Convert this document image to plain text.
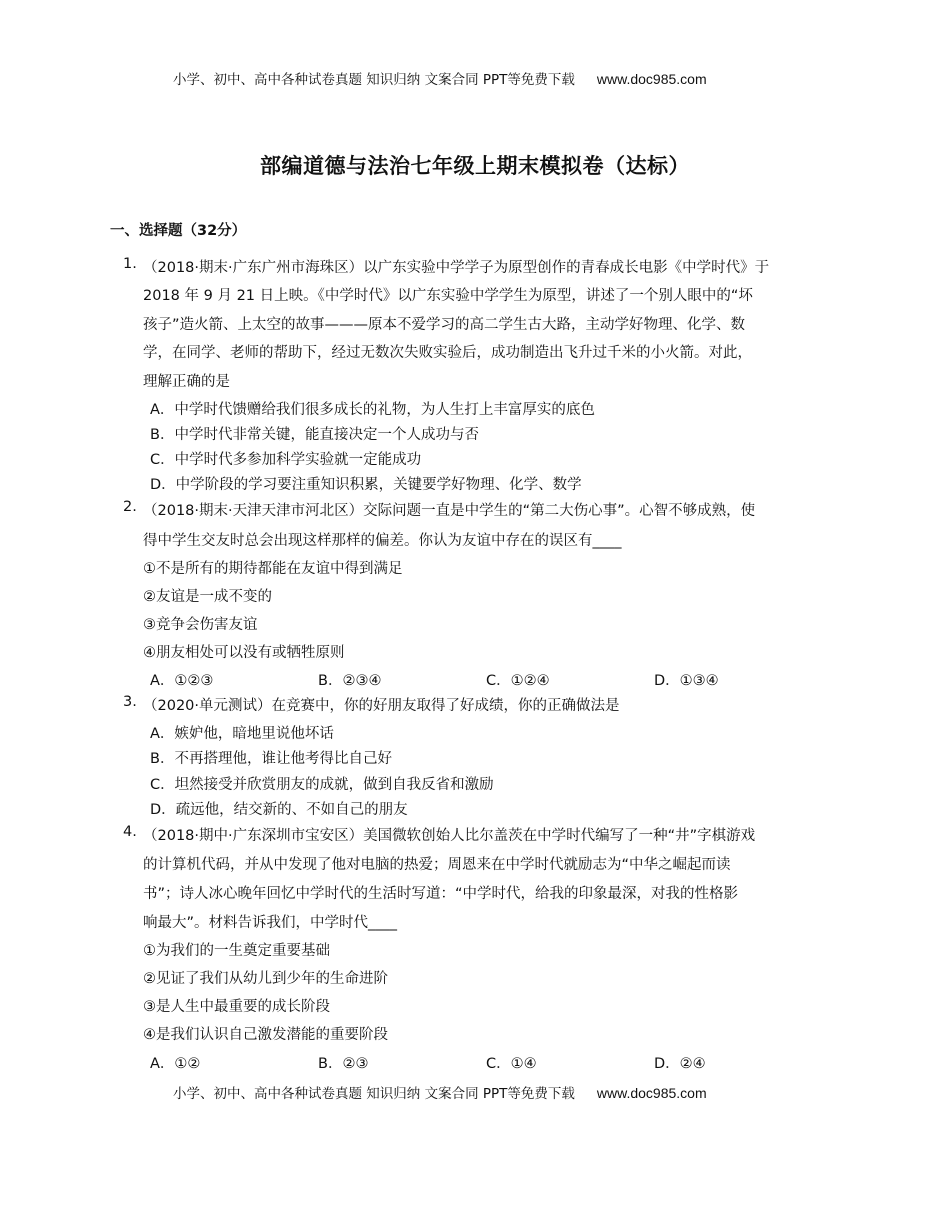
小学、初中、高中各种试卷真题 知识归纳 文案合同 PPT等免费下载 www.doc985.com
部编道德与法治七年级上期末模拟卷（达标）
一、选择题（32分）
1. （2018·期末·广东广州市海珠区）以广东实验中学学子为原型创作的青春成长电影《中学时代》于
2018 年 9 月 21 日上映。《中学时代》以广东实验中学学生为原型，讲述了一个别人眼中的“坏
孩子”造火箭、上太空的故事———原本不爱学习的高二学生古大路，主动学好物理、化学、数
学，在同学、老师的帮助下，经过无数次失败实验后，成功制造出飞升过千米的小火箭。对此，
理解正确的是
A．中学时代馈赠给我们很多成长的礼物，为人生打上丰富厚实的底色
B．中学时代非常关键，能直接决定一个人成功与否
C．中学时代多参加科学实验就一定能成功
D．中学阶段的学习要注重知识积累，关键要学好物理、化学、数学
2. （2018·期末·天津天津市河北区）交际问题一直是中学生的“第二大伤心事”。心智不够成熟，使
得中学生交友时总会出现这样那样的偏差。你认为友谊中存在的误区有____
①不是所有的期待都能在友谊中得到满足
②友谊是一成不变的
③竞争会伤害友谊
④朋友相处可以没有或牺牲原则
A．①②③	B．②③④	C．①②④	D．①③④
3. （2020·单元测试）在竞赛中，你的好朋友取得了好成绩，你的正确做法是
A．嫉妒他，暗地里说他坏话
B．不再搭理他，谁让他考得比自己好
C．坦然接受并欣赏朋友的成就，做到自我反省和激励
D．疏远他，结交新的、不如自己的朋友
4. （2018·期中·广东深圳市宝安区）美国微软创始人比尔盖茨在中学时代编写了一种“井”字棋游戏
的计算机代码，并从中发现了他对电脑的热爱；周恩来在中学时代就励志为“中华之崛起而读
书”；诗人冰心晚年回忆中学时代的生活时写道：“中学时代，给我的印象最深，对我的性格影
响最大”。材料告诉我们，中学时代____
①为我们的一生奠定重要基础
②见证了我们从幼儿到少年的生命进阶
③是人生中最重要的成长阶段
④是我们认识自己激发潜能的重要阶段
A．①②	B．②③	C．①④	D．②④
小学、初中、高中各种试卷真题 知识归纳 文案合同 PPT等免费下载 www.doc985.com
